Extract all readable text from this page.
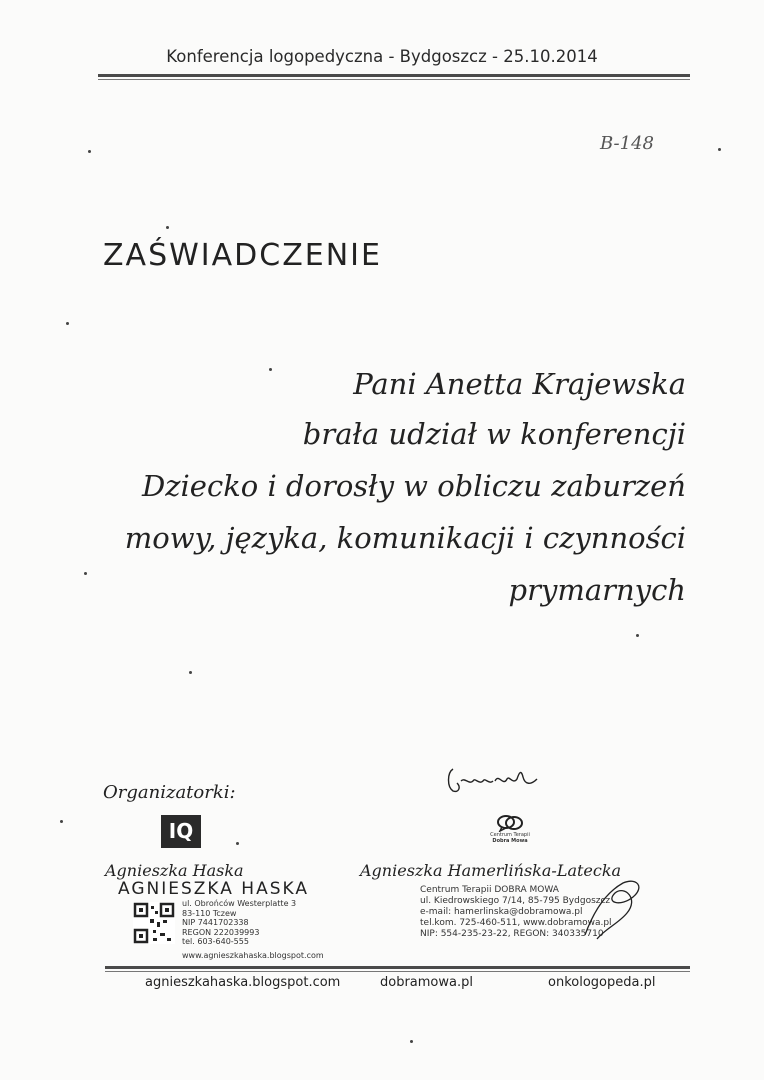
Konferencja logopedyczna - Bydgoszcz - 25.10.2014
B-148
ZAŚWIADCZENIE
Pani Anetta Krajewska
brała udział w konferencji
Dziecko i dorosły w obliczu zaburzeń
mowy, języka, komunikacji i czynności
prymarnych
Organizatorki:
IQ	Centrum Terapii
Dobra Mowa
Agnieszka Haska	Agnieszka Hamerlińska-Latecka
AGNIESZKA HASKA
ul. Obrońców Westerplatte 3
83-110 Tczew
NIP 7441702338
REGON 222039993
tel. 603-640-555
www.agnieszkahaska.blogspot.com
Centrum Terapii DOBRA MOWA
ul. Kiedrowskiego 7/14, 85-795 Bydgoszcz
e-mail: hamerlinska@dobramowa.pl
tel.kom. 725-460-511, www.dobramowa.pl
NIP: 554-235-23-22, REGON: 340335710
agnieszkahaska.blogspot.com	dobramowa.pl	onkologopeda.pl
